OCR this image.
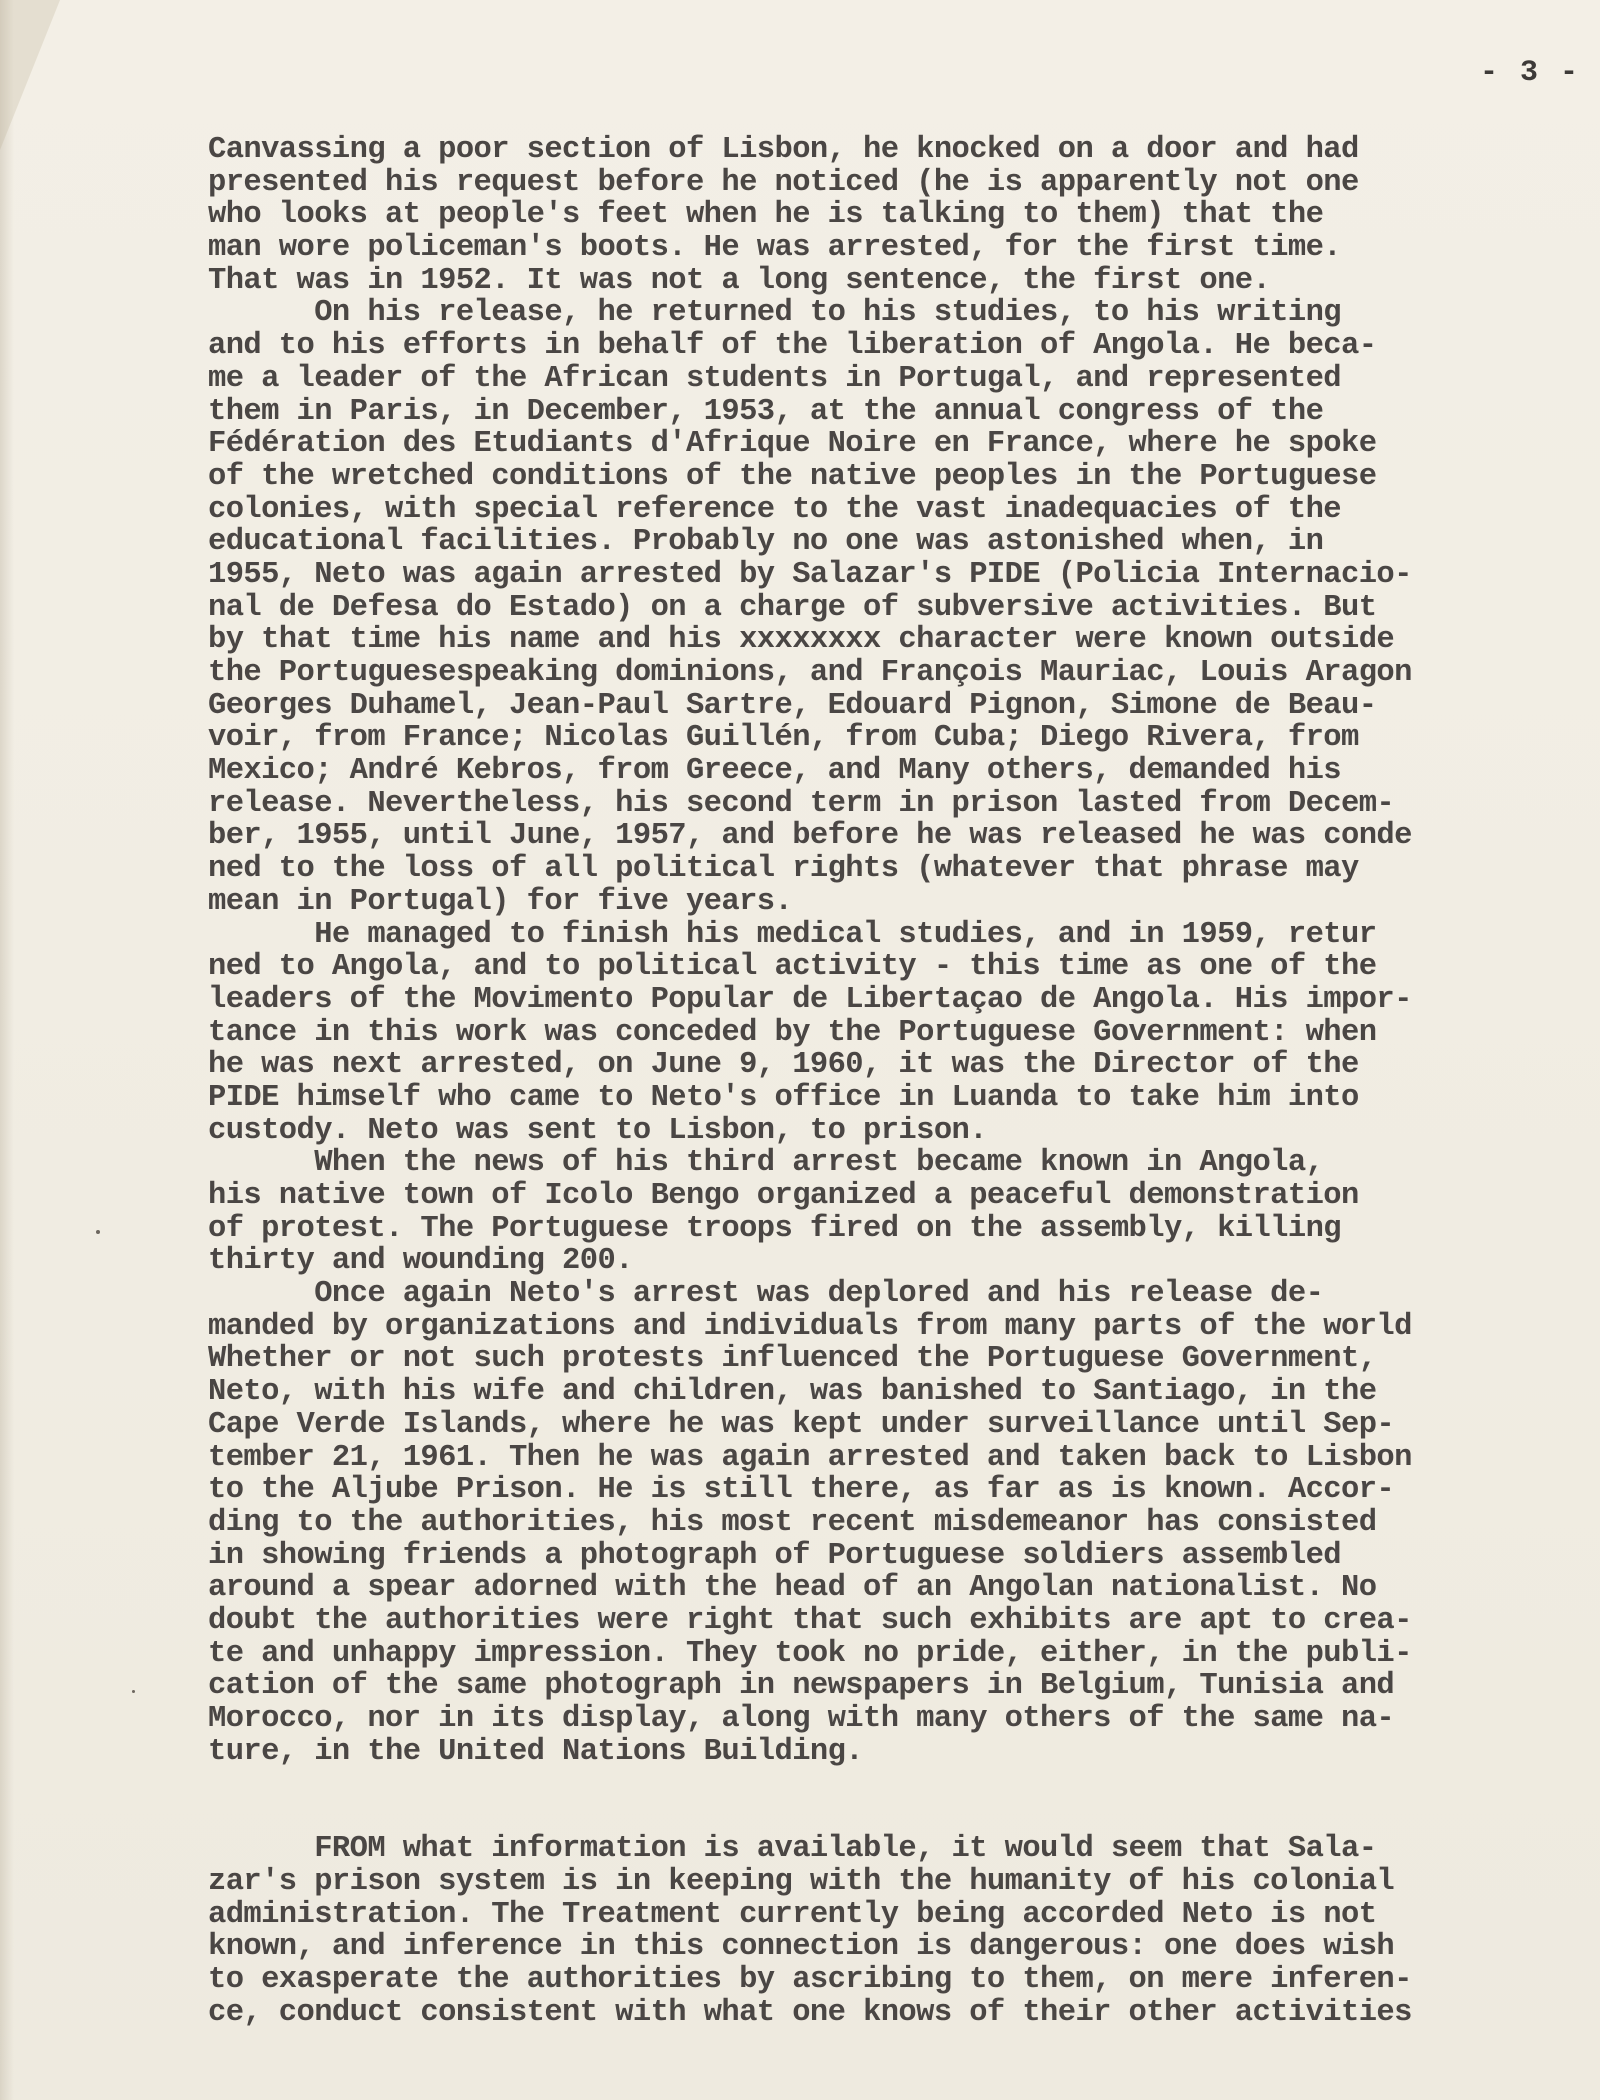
- 3 -
Canvassing a poor section of Lisbon, he knocked on a door and had
presented his request before he noticed (he is apparently not one
who looks at people's feet when he is talking to them) that the
man wore policeman's boots. He was arrested, for the first time.
That was in 1952. It was not a long sentence, the first one.
On his release, he returned to his studies, to his writing
and to his efforts in behalf of the liberation of Angola. He beca-
me a leader of the African students in Portugal, and represented
them in Paris, in December, 1953, at the annual congress of the
Fédération des Etudiants d'Afrique Noire en France, where he spoke
of the wretched conditions of the native peoples in the Portuguese
colonies, with special reference to the vast inadequacies of the
educational facilities. Probably no one was astonished when, in
1955, Neto was again arrested by Salazar's PIDE (Policia Internacio-
nal de Defesa do Estado) on a charge of subversive activities. But
by that time his name and his xxxxxxxx character were known outside
the Portuguesespeaking dominions, and François Mauriac, Louis Aragon
Georges Duhamel, Jean-Paul Sartre, Edouard Pignon, Simone de Beau-
voir, from France; Nicolas Guillén, from Cuba; Diego Rivera, from
Mexico; André Kebros, from Greece, and Many others, demanded his
release. Nevertheless, his second term in prison lasted from Decem-
ber, 1955, until June, 1957, and before he was released he was conde
ned to the loss of all political rights (whatever that phrase may
mean in Portugal) for five years.
He managed to finish his medical studies, and in 1959, retur
ned to Angola, and to political activity - this time as one of the
leaders of the Movimento Popular de Libertaçao de Angola. His impor-
tance in this work was conceded by the Portuguese Government: when
he was next arrested, on June 9, 1960, it was the Director of the
PIDE himself who came to Neto's office in Luanda to take him into
custody. Neto was sent to Lisbon, to prison.
When the news of his third arrest became known in Angola,
his native town of Icolo Bengo organized a peaceful demonstration
of protest. The Portuguese troops fired on the assembly, killing
thirty and wounding 200.
Once again Neto's arrest was deplored and his release de-
manded by organizations and individuals from many parts of the world
Whether or not such protests influenced the Portuguese Government,
Neto, with his wife and children, was banished to Santiago, in the
Cape Verde Islands, where he was kept under surveillance until Sep-
tember 21, 1961. Then he was again arrested and taken back to Lisbon
to the Aljube Prison. He is still there, as far as is known. Accor-
ding to the authorities, his most recent misdemeanor has consisted
in showing friends a photograph of Portuguese soldiers assembled
around a spear adorned with the head of an Angolan nationalist. No
doubt the authorities were right that such exhibits are apt to crea-
te and unhappy impression. They took no pride, either, in the publi-
cation of the same photograph in newspapers in Belgium, Tunisia and
Morocco, nor in its display, along with many others of the same na-
ture, in the United Nations Building.
FROM what information is available, it would seem that Sala-
zar's prison system is in keeping with the humanity of his colonial
administration. The Treatment currently being accorded Neto is not
known, and inference in this connection is dangerous: one does wish
to exasperate the authorities by ascribing to them, on mere inferen-
ce, conduct consistent with what one knows of their other activities
